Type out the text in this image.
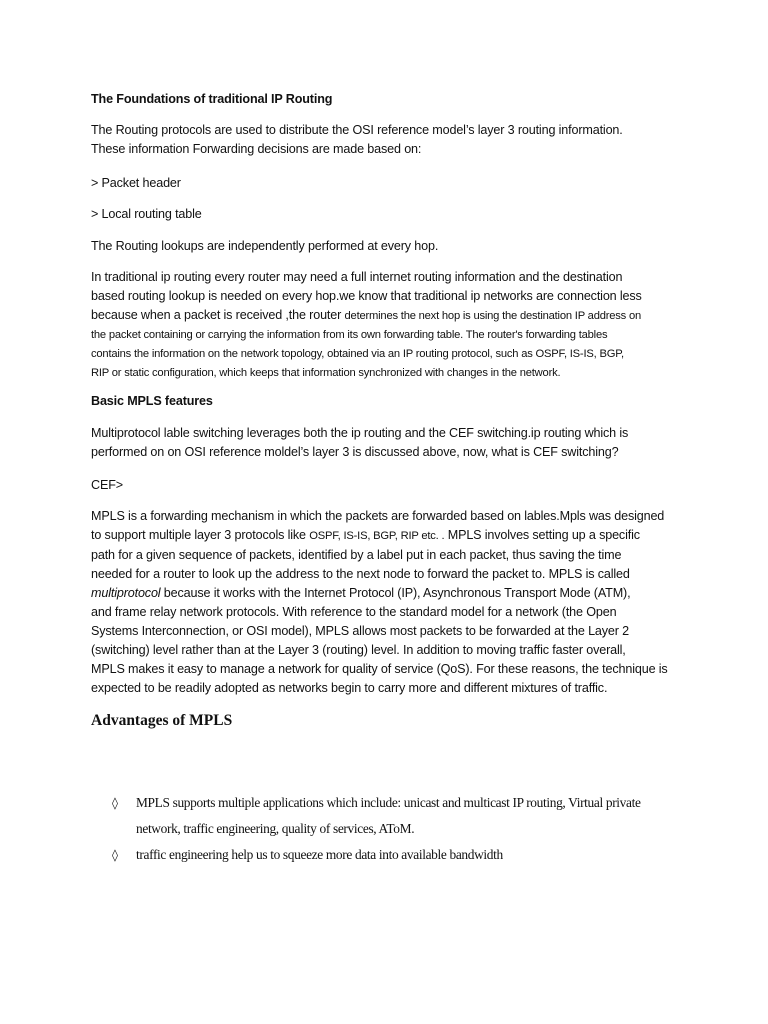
The Foundations of traditional IP Routing

The Routing protocols are used to distribute the OSI reference model’s layer 3 routing information.
These information Forwarding decisions are made based on:

> Packet header

> Local routing table

The Routing lookups are independently performed at every hop.

In traditional ip routing every router may need a full internet routing information and the destination
based routing lookup is needed on every hop.we know that traditional ip networks are connection less
because when a packet is received ,the router determines the next hop is using the destination IP address on
the packet containing or carrying the information from its own forwarding table. The router's forwarding tables
contains the information on the network topology, obtained via an IP routing protocol, such as OSPF, IS-IS, BGP,
RIP or static configuration, which keeps that information synchronized with changes in the network.

Basic MPLS features

Multiprotocol lable switching leverages both the ip routing and the CEF switching.ip routing which is
performed on on OSI reference moldel’s layer 3 is discussed above, now, what is CEF switching?

CEF>

MPLS is a forwarding mechanism in which the packets are forwarded based on lables.Mpls was designed
to support multiple layer 3 protocols like OSPF, IS-IS, BGP, RIP etc. . MPLS involves setting up a specific
path for a given sequence of packets, identified by a label put in each packet, thus saving the time
needed for a router to look up the address to the next node to forward the packet to. MPLS is called
multiprotocol because it works with the Internet Protocol (IP), Asynchronous Transport Mode (ATM),
and frame relay network protocols. With reference to the standard model for a network (the Open
Systems Interconnection, or OSI model), MPLS allows most packets to be forwarded at the Layer 2
(switching) level rather than at the Layer 3 (routing) level. In addition to moving traffic faster overall,
MPLS makes it easy to manage a network for quality of service (QoS). For these reasons, the technique is
expected to be readily adopted as networks begin to carry more and different mixtures of traffic.

Advantages of MPLS

◊ MPLS supports multiple applications which include: unicast and multicast IP routing, Virtual private
network, traffic engineering, quality of services, AToM.
◊ traffic engineering help us to squeeze more data into available bandwidth
